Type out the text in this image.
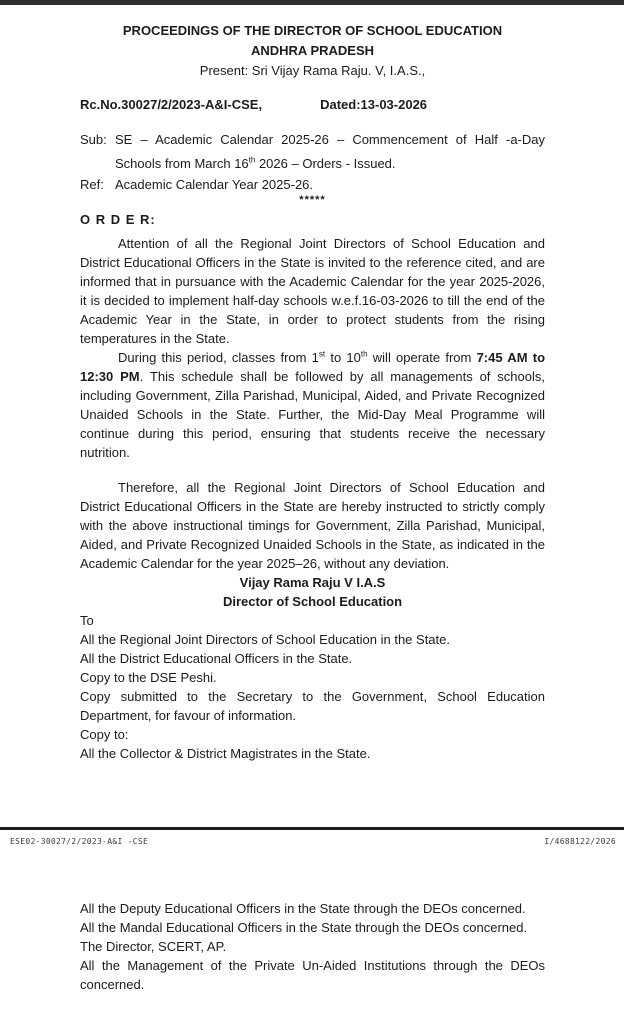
PROCEEDINGS OF THE DIRECTOR OF SCHOOL EDUCATION
ANDHRA PRADESH
Present: Sri Vijay Rama Raju. V, I.A.S.,
Rc.No.30027/2/2023-A&I-CSE,	Dated:13-03-2026
Sub: SE – Academic Calendar 2025-26 – Commencement of Half -a-Day
Schools from March 16th 2026 – Orders - Issued.
Ref: Academic Calendar Year 2025-26.
*****
O R D E R:
Attention of all the Regional Joint Directors of School Education and District Educational Officers in the State is invited to the reference cited, and are informed that in pursuance with the Academic Calendar for the year 2025-2026, it is decided to implement half-day schools w.e.f.16-03-2026 to till the end of the Academic Year in the State, in order to protect students from the rising temperatures in the State.
During this period, classes from 1st to 10th will operate from 7:45 AM to 12:30 PM. This schedule shall be followed by all managements of schools, including Government, Zilla Parishad, Municipal, Aided, and Private Recognized Unaided Schools in the State. Further, the Mid-Day Meal Programme will continue during this period, ensuring that students receive the necessary nutrition.
Therefore, all the Regional Joint Directors of School Education and District Educational Officers in the State are hereby instructed to strictly comply with the above instructional timings for Government, Zilla Parishad, Municipal, Aided, and Private Recognized Unaided Schools in the State, as indicated in the Academic Calendar for the year 2025–26, without any deviation.
Vijay Rama Raju V I.A.S
Director of School Education
To
All the Regional Joint Directors of School Education in the State.
All the District Educational Officers in the State.
Copy to the DSE Peshi.
Copy submitted to the Secretary to the Government, School Education Department, for favour of information.
Copy to:
All the Collector & District Magistrates in the State.
ESE02-30027/2/2023-A&I -CSE	I/4688122/2026
All the Deputy Educational Officers in the State through the DEOs concerned.
All the Mandal Educational Officers in the State through the DEOs concerned.
The Director, SCERT, AP.
All the Management of the Private Un-Aided Institutions through the DEOs concerned.
